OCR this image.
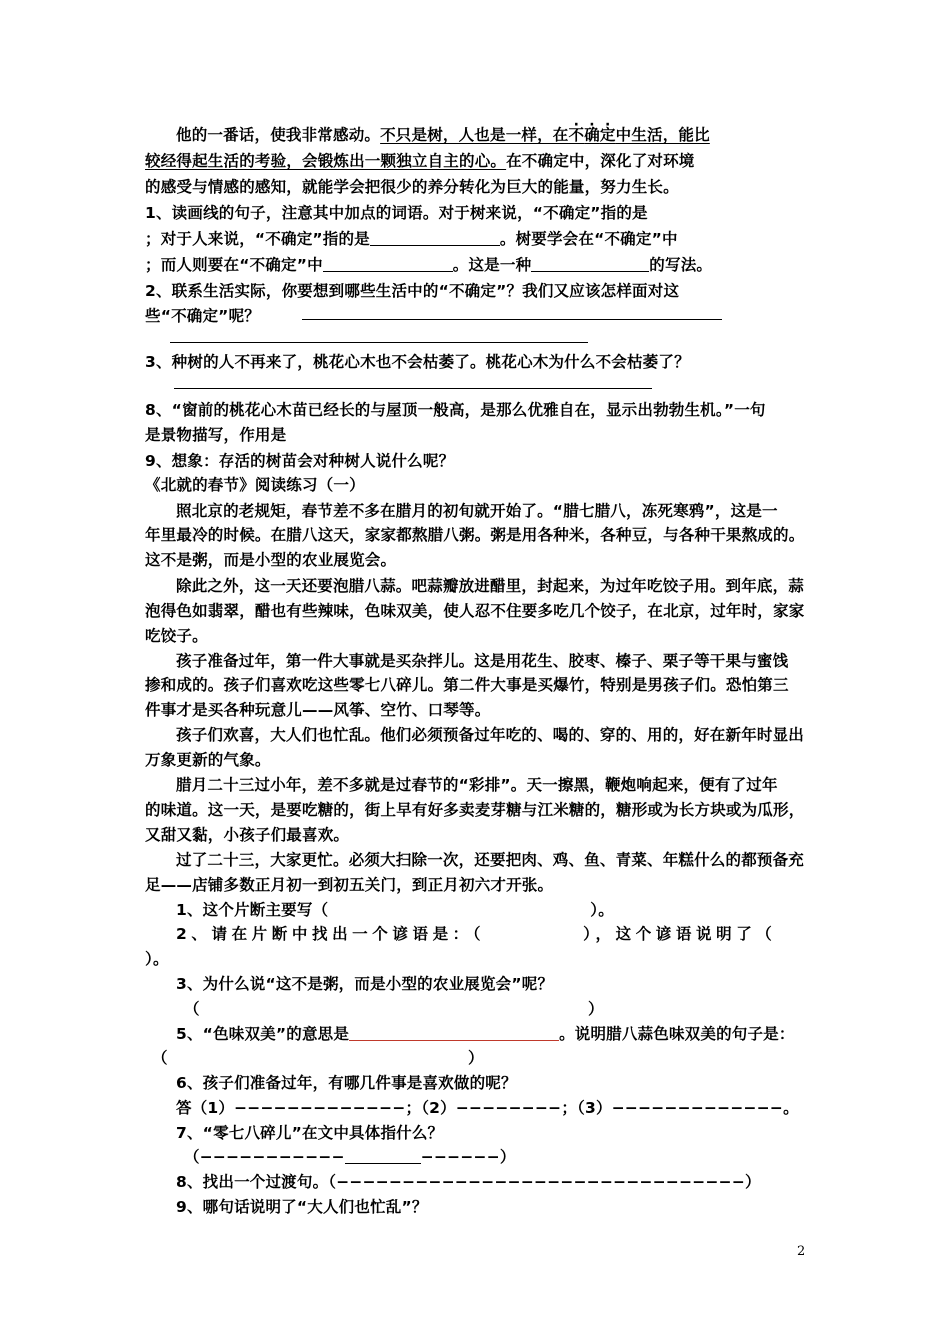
他的一番话，使我非常感动。不只是树，人也是一样，在不确定中生活，能比
较经得起生活的考验，会锻炼出一颗独立自主的心。在不确定中，深化了对环境
的感受与情感的感知，就能学会把很少的养分转化为巨大的能量，努力生长。
1、读画线的句子，注意其中加点的词语。对于树来说，“不确定”指的是
；对于人来说，“不确定”指的是	。树要学会在“不确定”中
；而人则要在“不确定”中	。这是一种	的写法。
2、联系生活实际，你要想到哪些生活中的“不确定”？我们又应该怎样面对这
些“不确定”呢？
3、种树的人不再来了，桃花心木也不会枯萎了。桃花心木为什么不会枯萎了？
8、“窗前的桃花心木苗已经长的与屋顶一般高，是那么优雅自在，显示出勃勃生机。”一句
是景物描写，作用是
9、想象：存活的树苗会对种树人说什么呢？
《北就的春节》阅读练习（一）
照北京的老规矩，春节差不多在腊月的初旬就开始了。“腊七腊八，冻死寒鸦”，这是一
年里最冷的时候。在腊八这天，家家都熬腊八粥。粥是用各种米，各种豆，与各种干果熬成的。
这不是粥，而是小型的农业展览会。
除此之外，这一天还要泡腊八蒜。吧蒜瓣放进醋里，封起来，为过年吃饺子用。到年底，蒜
泡得色如翡翠，醋也有些辣味，色味双美，使人忍不住要多吃几个饺子，在北京，过年时，家家
吃饺子。
孩子准备过年，第一件大事就是买杂拌儿。这是用花生、胶枣、榛子、栗子等干果与蜜饯
掺和成的。孩子们喜欢吃这些零七八碎儿。第二件大事是买爆竹，特别是男孩子们。恐怕第三
件事才是买各种玩意儿——风筝、空竹、口琴等。
孩子们欢喜，大人们也忙乱。他们必须预备过年吃的、喝的、穿的、用的，好在新年时显出
万象更新的气象。
腊月二十三过小年，差不多就是过春节的“彩排”。天一擦黑，鞭炮响起来，便有了过年
的味道。这一天，是要吃糖的，街上早有好多卖麦芽糖与江米糖的，糖形或为长方块或为瓜形，
又甜又黏，小孩子们最喜欢。
过了二十三，大家更忙。必须大扫除一次，还要把肉、鸡、鱼、青菜、年糕什么的都预备充
足——店铺多数正月初一到初五关门，到正月初六才开张。
1、这个片断主要写（	）。
2、请在片断中找出一个谚语是：（	），这个谚语说明了（
）。
3、为什么说“这不是粥，而是小型的农业展览会”呢？
（	）
5、“色味双美”的意思是	。说明腊八蒜色味双美的句子是：
（	）
6、孩子们准备过年，有哪几件事是喜欢做的呢？
答（1）−−−−−−−−−−−−−；（2）−−−−−−−−；（3）−−−−−−−−−−−−−。
7、“零七八碎儿”在文中具体指什么？
（−−−−−−−−−−−	−−−−−−）
8、找出一个过渡句。（−−−−−−−−−−−−−−−−−−−−−−−−−−−−−−−）
9、哪句话说明了“大人们也忙乱”？
2
